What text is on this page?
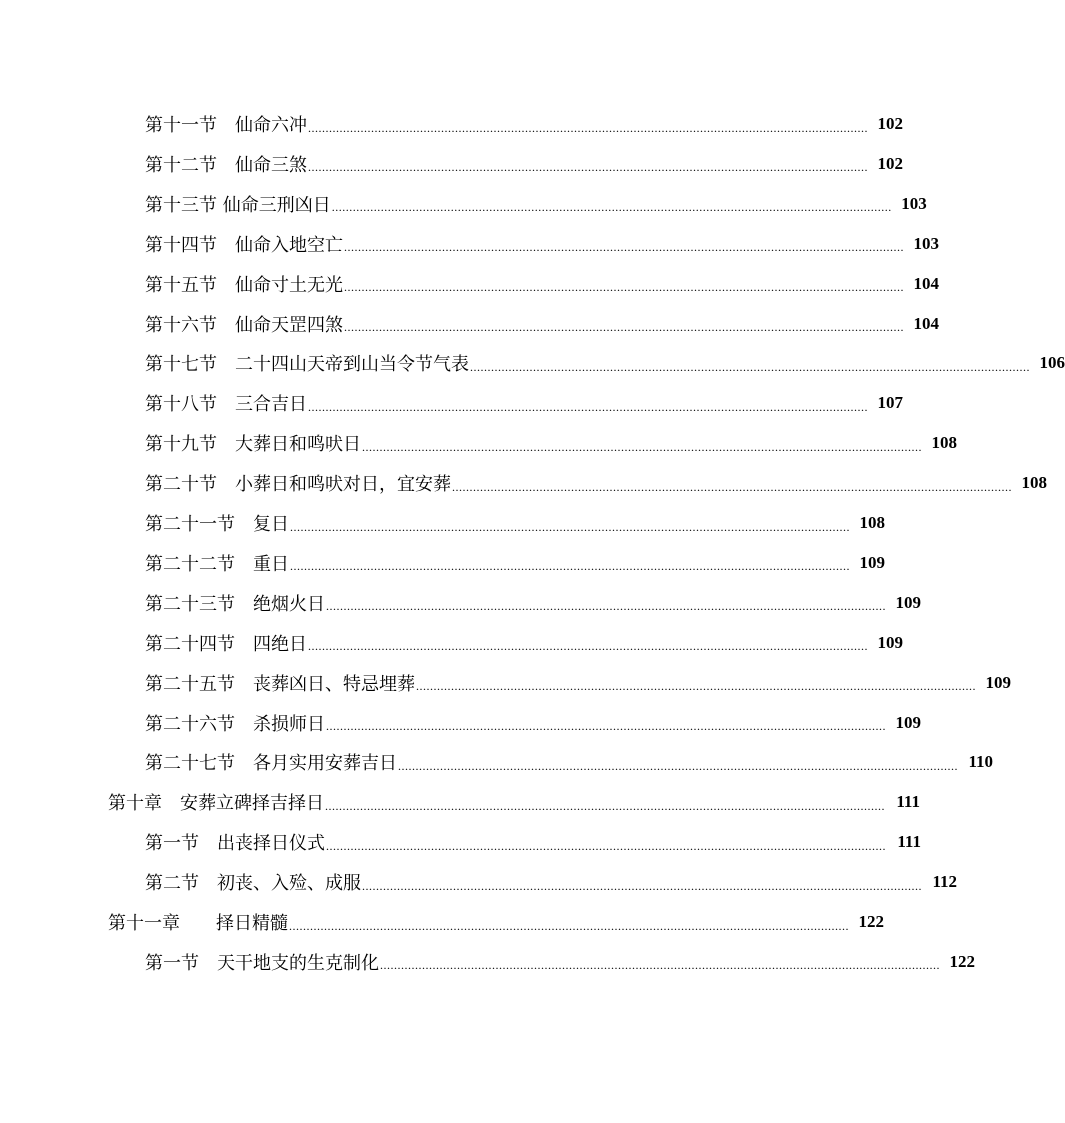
第十一节　仙命六冲 ................................................................................................................................................................ 102
第十二节　仙命三煞 ................................................................................................................................................................ 102
第十三节 仙命三刑凶日 ................................................................................................................................................................ 103
第十四节　仙命入地空亡 ................................................................................................................................................................ 103
第十五节　仙命寸土无光 ................................................................................................................................................................ 104
第十六节　仙命天罡四煞 ................................................................................................................................................................ 104
第十七节　二十四山天帝到山当令节气表 ................................................................................................................................................................ 106
第十八节　三合吉日 ................................................................................................................................................................ 107
第十九节　大葬日和鸣吠日 ................................................................................................................................................................ 108
第二十节　小葬日和鸣吠对日，宜安葬 ................................................................................................................................................................ 108
第二十一节　复日 ................................................................................................................................................................ 108
第二十二节　重日 ................................................................................................................................................................ 109
第二十三节　绝烟火日 ................................................................................................................................................................ 109
第二十四节　四绝日 ................................................................................................................................................................ 109
第二十五节　丧葬凶日、特忌埋葬 ................................................................................................................................................................ 109
第二十六节　杀损师日 ................................................................................................................................................................ 109
第二十七节　各月实用安葬吉日 ................................................................................................................................................................ 110
第十章　安葬立碑择吉择日 ................................................................................................................................................................ 111
第一节　出丧择日仪式 ................................................................................................................................................................ 111
第二节　初丧、入殓、成服 ................................................................................................................................................................ 112
第十一章　　择日精髓 ................................................................................................................................................................ 122
第一节　天干地支的生克制化 ................................................................................................................................................................ 122
